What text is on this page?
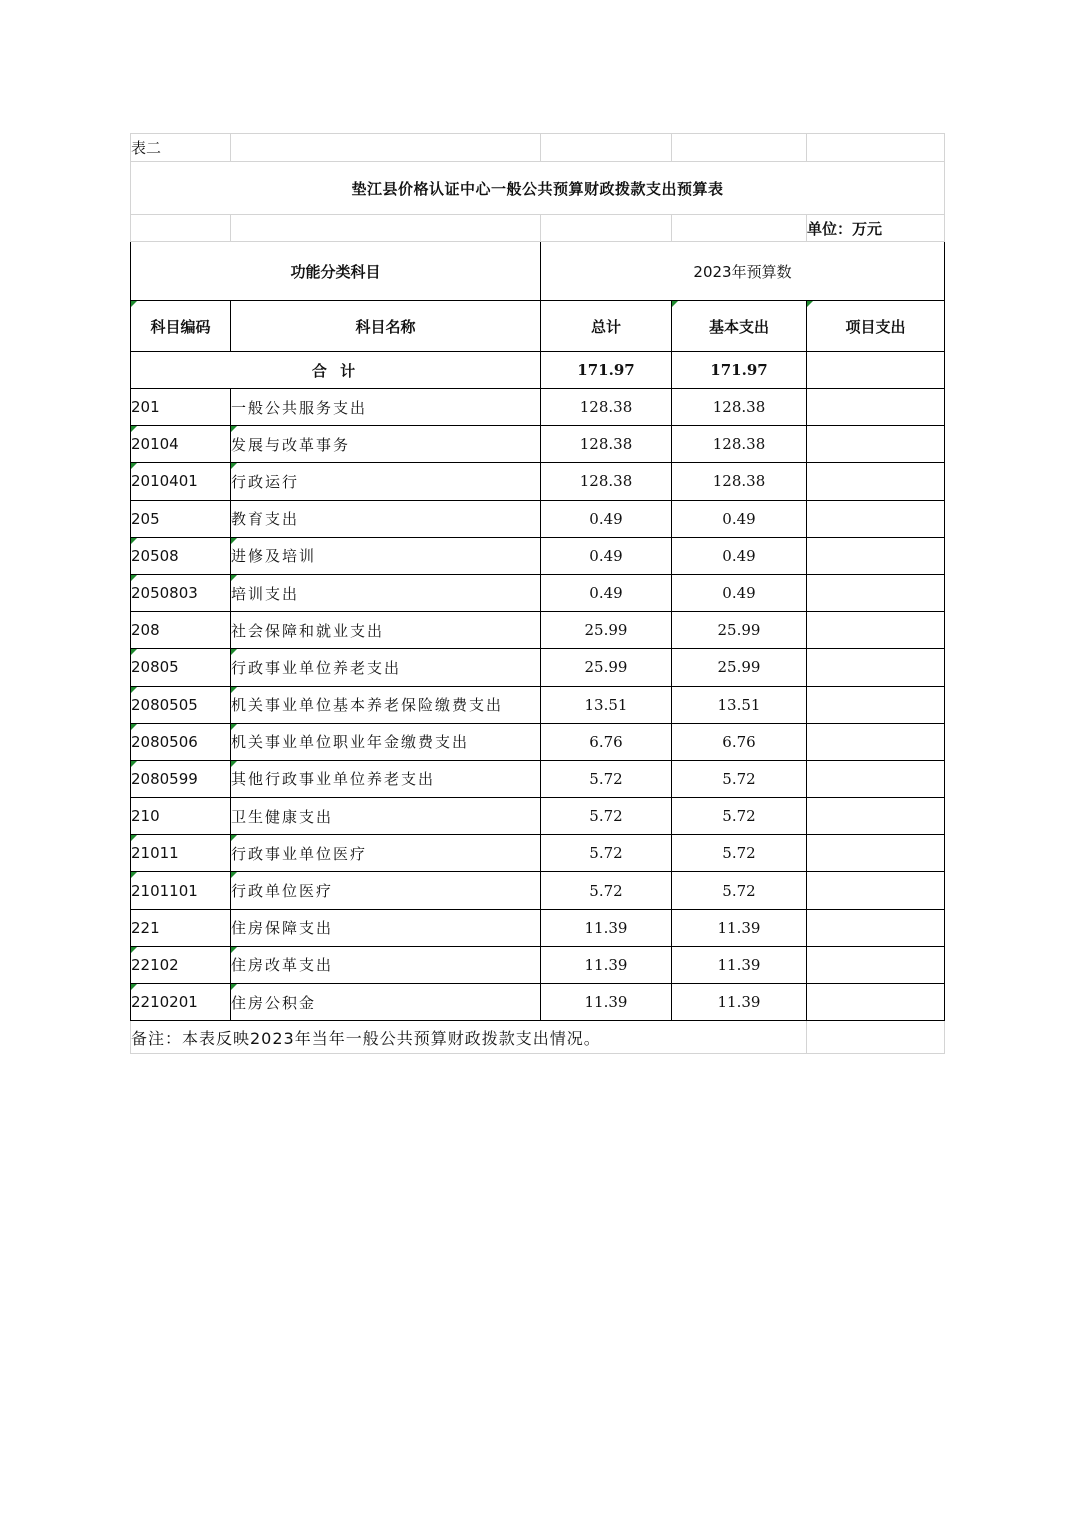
表二				
垫江县价格认证中心一般公共预算财政拨款支出预算表				
				单位：万元
功能分类科目		2023年预算数		
科目编码	科目名称	总计	基本支出	项目支出
合 计		171.97	171.97	
201	一般公共服务支出	128.38	128.38	
20104	发展与改革事务	128.38	128.38	
2010401	行政运行	128.38	128.38	
205	教育支出	0.49	0.49	
20508	进修及培训	0.49	0.49	
2050803	培训支出	0.49	0.49	
208	社会保障和就业支出	25.99	25.99	
20805	行政事业单位养老支出	25.99	25.99	
2080505	机关事业单位基本养老保险缴费支出	13.51	13.51	
2080506	机关事业单位职业年金缴费支出	6.76	6.76	
2080599	其他行政事业单位养老支出	5.72	5.72	
210	卫生健康支出	5.72	5.72	
21011	行政事业单位医疗	5.72	5.72	
2101101	行政单位医疗	5.72	5.72	
221	住房保障支出	11.39	11.39	
22102	住房改革支出	11.39	11.39	
2210201	住房公积金	11.39	11.39	
备注：本表反映2023年当年一般公共预算财政拨款支出情况。				
